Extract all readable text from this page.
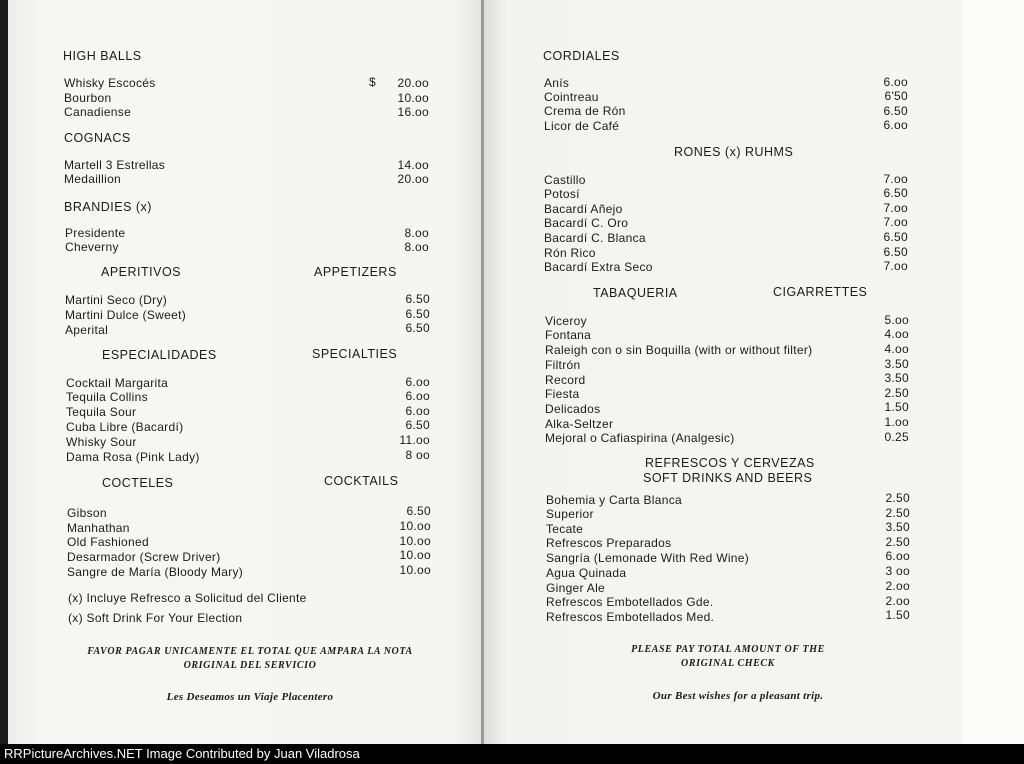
HIGH BALLS
$
Whisky Escocés	20.oo
Bourbon	10.oo
Canadiense	16.oo
COGNACS
Martell 3 Estrellas	14.oo
Medaillion	20.oo
BRANDIES (x)
Presidente	8.oo
Cheverny	8.oo
APERITIVOS	APPETIZERS
Martini Seco (Dry)	6.50
Martini Dulce (Sweet)	6.50
Aperital	6.50
ESPECIALIDADES	SPECIALTIES
Cocktail Margarita	6.oo
Tequila Collins	6.oo
Tequila Sour	6.oo
Cuba Libre (Bacardí)	6.50
Whisky Sour	11.oo
Dama Rosa (Pink Lady)	8 oo
COCTELES	COCKTAILS
Gibson	6.50
Manhathan	10.oo
Old Fashioned	10.oo
Desarmador (Screw Driver)	10.oo
Sangre de María (Bloody Mary)	10.oo
(x) Incluye Refresco a Solicitud del Cliente
(x) Soft Drink For Your Election
FAVOR PAGAR UNICAMENTE EL TOTAL QUE AMPARA LA NOTA
ORIGINAL DEL SERVICIO
Les Deseamos un Viaje Placentero
CORDIALES
Anís	6.oo
Cointreau	6'50
Crema de Rón	6.50
Licor de Café	6.oo
RONES (x) RUHMS
Castillo	7.oo
Potosí	6.50
Bacardí Añejo	7.oo
Bacardí C. Oro	7.oo
Bacardí C. Blanca	6.50
Rón Rico	6.50
Bacardí Extra Seco	7.oo
TABAQUERIA	CIGARRETTES
Viceroy	5.oo
Fontana	4.oo
Raleigh con o sin Boquilla (with or without filter)	4.oo
Filtrón	3.50
Record	3.50
Fiesta	2.50
Delicados	1.50
Alka-Seltzer	1.oo
Mejoral o Cafiaspirina (Analgesic)	0.25
REFRESCOS Y CERVEZAS
SOFT DRINKS AND BEERS
Bohemia y Carta Blanca	2.50
Superior	2.50
Tecate	3.50
Refrescos Preparados	2.50
Sangría (Lemonade With Red Wine)	6.oo
Agua Quinada	3 oo
Ginger Ale	2.oo
Refrescos Embotellados Gde.	2.oo
Refrescos Embotellados Med.	1.50
PLEASE PAY TOTAL AMOUNT OF THE
ORIGINAL CHECK
Our Best wishes for a pleasant trip.
RRPictureArchives.NET Image Contributed by Juan Viladrosa
